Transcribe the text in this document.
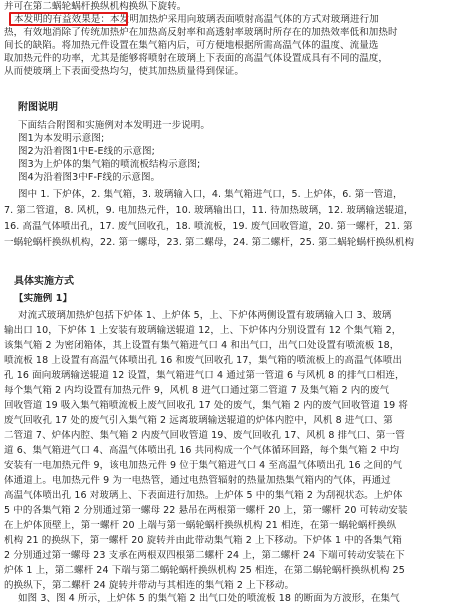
并可在第二蜗轮蜗杆换纵机构换纵下旋转。
本发明的有益效果是：本发明加热炉采用向玻璃表面喷射高温气体的方式对玻璃进行加
热，有效地消除了传统加热炉在加热高反射率和高透射率玻璃时所存在的加热效率低和加热时
间长的缺陷。将加热元件设置在集气箱内后，可方便地根据所需高温气体的温度、流量选
取加热元件的功率，尤其是能够将喷射在玻璃上下表面的高温气体设置成具有不同的温度，
从而使玻璃上下表面受热均匀，使其加热质量得到保证。
附图说明
下面结合附图和实施例对本发明进一步说明。
图1为本发明示意图;
图2为沿着图1中E-E线的示意图;
图3为上炉体的集气箱的喷流板结构示意图;
图4为沿着图3中F-F线的示意图。
图中 1. 下炉体，2. 集气箱，3. 玻璃输入口，4. 集气箱进气口，5. 上炉体，6. 第一管道，
7. 第二管道，8. 风机，9. 电加热元件，10. 玻璃输出口，11. 待加热玻璃，12. 玻璃输送辊道，
16. 高温气体喷出孔，17. 废气回收孔，18. 喷流板，19. 废气回收管道，20. 第一螺杆，21. 第
一蜗轮蜗杆换纵机构，22. 第一螺母，23. 第二螺母，24. 第二螺杆，25. 第二蜗轮蜗杆换纵机构
具体实施方式
【实施例 1】
对流式玻璃加热炉包括下炉体 1、上炉体 5，上、下炉体两侧设置有玻璃输入口 3、玻璃
输出口 10，下炉体 1 上安装有玻璃输送辊道 12，上、下炉体内分别设置有 12 个集气箱 2，
该集气箱 2 为密闭箱体，其上设置有集气箱进气口 4 和出气口，出气口处设置有喷流板 18，
喷流板 18 上设置有高温气体喷出孔 16 和废气回收孔 17，集气箱的喷流板上的高温气体喷出
孔 16 面向玻璃输送辊道 12 设置，集气箱进气口 4 通过第一管道 6 与风机 8 的排气口相连，
每个集气箱 2 内均设置有加热元件 9，风机 8 进气口通过第二管道 7 及集气箱 2 内的废气
回收管道 19 吸入集气箱喷流板上废气回收孔 17 处的废气，集气箱 2 内的废气回收管道 19 将
废气回收孔 17 处的废气引入集气箱 2 远离玻璃输送辊道的炉体内腔中，风机 8 进气口、第
二管道 7、炉体内腔、集气箱 2 内废气回收管道 19、废气回收孔 17、风机 8 排气口、第一管
道 6、集气箱进气口 4、高温气体喷出孔 16 共同构成一个气体循环回路，每个集气箱 2 中均
安装有一电加热元件 9，该电加热元件 9 位于集气箱进气口 4 至高温气体喷出孔 16 之间的气
体通道上。电加热元件 9 为一电热管，通过电热管辐射的热量加热集气箱内的气体，再通过
高温气体喷出孔 16 对玻璃上、下表面进行加热。上炉体 5 中的集气箱 2 为刮视状态。上炉体
5 中的各集气箱 2 分别通过第一螺母 22 悬吊在两根第一螺杆 20 上，第一螺杆 20 可转动安装
在上炉体顶壁上，第一螺杆 20 上端与第一蜗轮蜗杆换纵机构 21 相连，在第一蜗轮蜗杆换纵
机构 21 的换纵下，第一螺杆 20 旋转并由此带动集气箱 2 上下移动。下炉体 1 中的各集气箱
2 分别通过第一螺母 23 支承在两根双四根第二螺杆 24 上，第二螺杆 24 下端可转动安装在下
炉体 1 上，第二螺杆 24 下端与第二蜗轮蜗杆换纵机构 25 相连，在第二蜗轮蜗杆换纵机构 25
的换纵下，第二螺杆 24 旋转并带动与其相连的集气箱 2 上下移动。
如图 3、图 4 所示，上炉体 5 的集气箱 2 出气口处的喷流板 18 的断面为方波形，在集气
